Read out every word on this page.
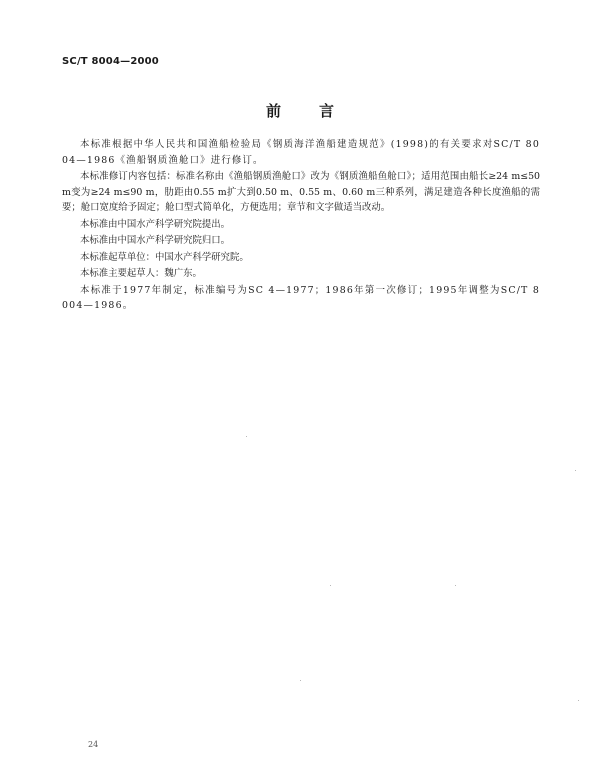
SC/T 8004—2000
前言

本标准根据中华人民共和国渔船检验局《钢质海洋渔船建造规范》(1998)的有关要求对SC/T 8004—1986《渔船钢质渔舱口》进行修订。

本标准修订内容包括：标准名称由《渔船钢质渔舱口》改为《钢质渔船鱼舱口》；适用范围由船长≥24 m≤50 m变为≥24 m≤90 m，肋距由0.55 m扩大到0.50 m、0.55 m、0.60 m三种系列，满足建造各种长度渔船的需要；舱口宽度给予固定；舱口型式简单化，方便选用；章节和文字做适当改动。

本标准由中国水产科学研究院提出。

本标准由中国水产科学研究院归口。

本标准起草单位：中国水产科学研究院。

本标准主要起草人：魏广东。

本标准于1977年制定，标准编号为SC 4—1977；1986年第一次修订；1995年调整为SC/T 8004—1986。

24
